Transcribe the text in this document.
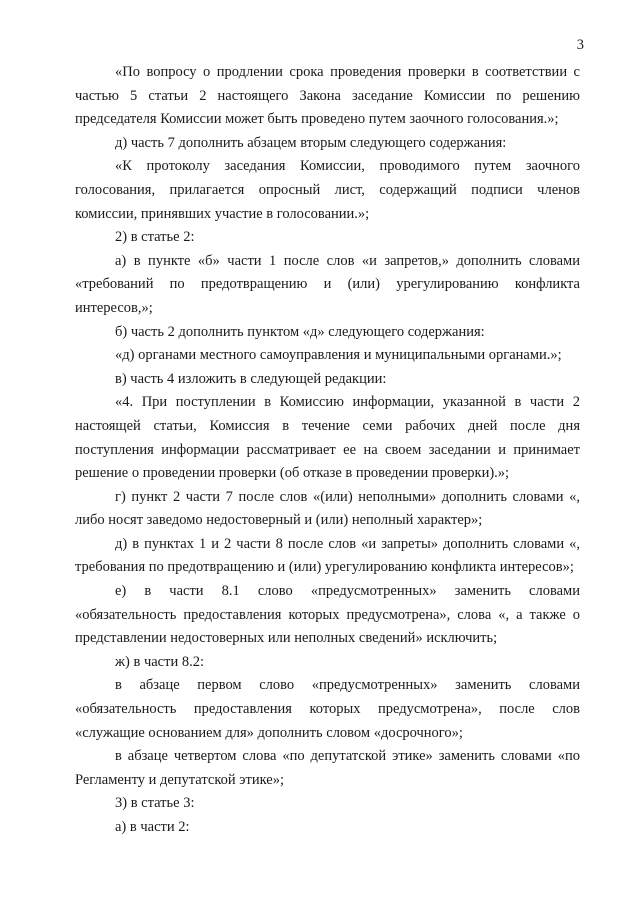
3

«По вопросу о продлении срока проведения проверки в соответствии с частью 5 статьи 2 настоящего Закона заседание Комиссии по решению председателя Комиссии может быть проведено путем заочного голосования.»;

д) часть 7 дополнить абзацем вторым следующего содержания:

«К протоколу заседания Комиссии, проводимого путем заочного голосования, прилагается опросный лист, содержащий подписи членов комиссии, принявших участие в голосовании.»;

2) в статье 2:

а) в пункте «б» части 1 после слов «и запретов,» дополнить словами «требований по предотвращению и (или) урегулированию конфликта интересов,»;

б) часть 2 дополнить пунктом «д» следующего содержания:

«д) органами местного самоуправления и муниципальными органами.»;

в) часть 4 изложить в следующей редакции:

«4. При поступлении в Комиссию информации, указанной в части 2 настоящей статьи, Комиссия в течение семи рабочих дней после дня поступления информации рассматривает ее на своем заседании и принимает решение о проведении проверки (об отказе в проведении проверки).»;

г) пункт 2 части 7 после слов «(или) неполными» дополнить словами «, либо носят заведомо недостоверный и (или) неполный характер»;

д) в пунктах 1 и 2 части 8 после слов «и запреты» дополнить словами «, требования по предотвращению и (или) урегулированию конфликта интересов»;

е) в части 8.1 слово «предусмотренных» заменить словами «обязательность предоставления которых предусмотрена», слова «, а также о представлении недостоверных или неполных сведений» исключить;

ж) в части 8.2:

в абзаце первом слово «предусмотренных» заменить словами «обязательность предоставления которых предусмотрена», после слов «служащие основанием для» дополнить словом «досрочного»;

в абзаце четвертом слова «по депутатской этике» заменить словами «по Регламенту и депутатской этике»;

3) в статье 3:

а) в части 2:
